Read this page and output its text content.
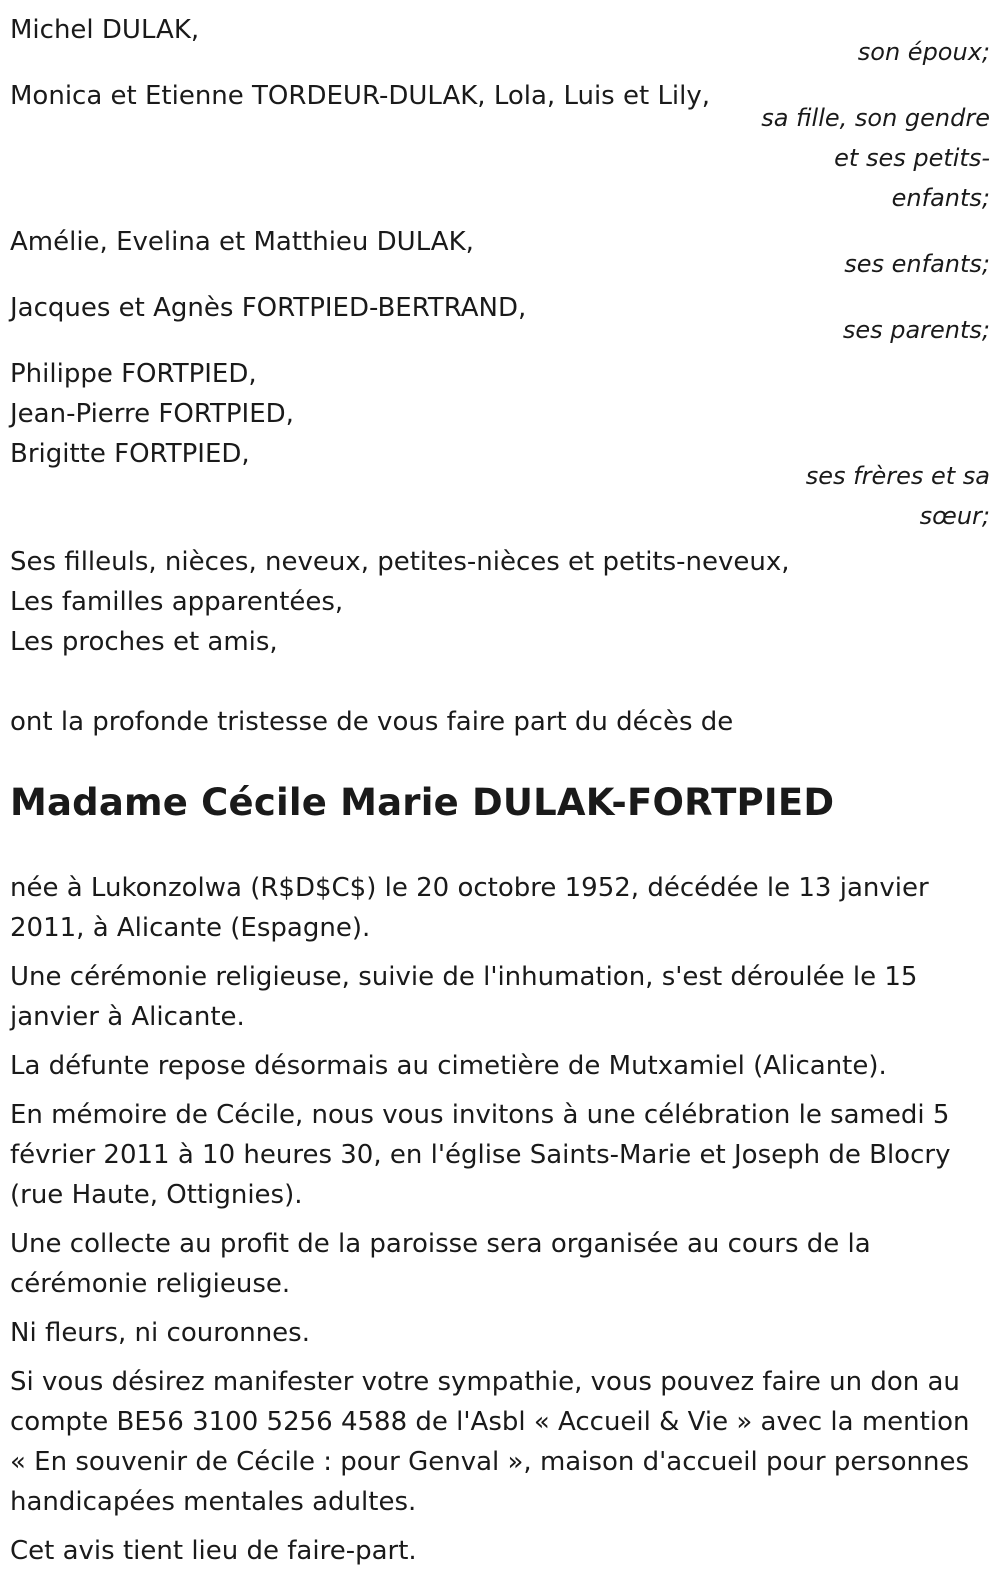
Michel DULAK,
son époux;
Monica et Etienne TORDEUR-DULAK, Lola, Luis et Lily,
sa fille, son gendre
et ses petits-
enfants;
Amélie, Evelina et Matthieu DULAK,
ses enfants;
Jacques et Agnès FORTPIED-BERTRAND,
ses parents;
Philippe FORTPIED,
Jean-Pierre FORTPIED,
Brigitte FORTPIED,
ses frères et sa
sœur;
Ses filleuls, nièces, neveux, petites-nièces et petits-neveux,
Les familles apparentées,
Les proches et amis,
ont la profonde tristesse de vous faire part du décès de
Madame Cécile Marie DULAK-FORTPIED

née à Lukonzolwa (R$D$C$) le 20 octobre 1952, décédée le 13 janvier 2011, à Alicante (Espagne).

Une cérémonie religieuse, suivie de l'inhumation, s'est déroulée le 15 janvier à Alicante.

La défunte repose désormais au cimetière de Mutxamiel (Alicante).

En mémoire de Cécile, nous vous invitons à une célébration le samedi 5 février 2011 à 10 heures 30, en l'église Saints-Marie et Joseph de Blocry (rue Haute, Ottignies).

Une collecte au profit de la paroisse sera organisée au cours de la cérémonie religieuse.

Ni fleurs, ni couronnes.

Si vous désirez manifester votre sympathie, vous pouvez faire un don au compte BE56 3100 5256 4588 de l'Asbl « Accueil & Vie » avec la mention « En souvenir de Cécile : pour Genval », maison d'accueil pour personnes handicapées mentales adultes.

Cet avis tient lieu de faire-part.
